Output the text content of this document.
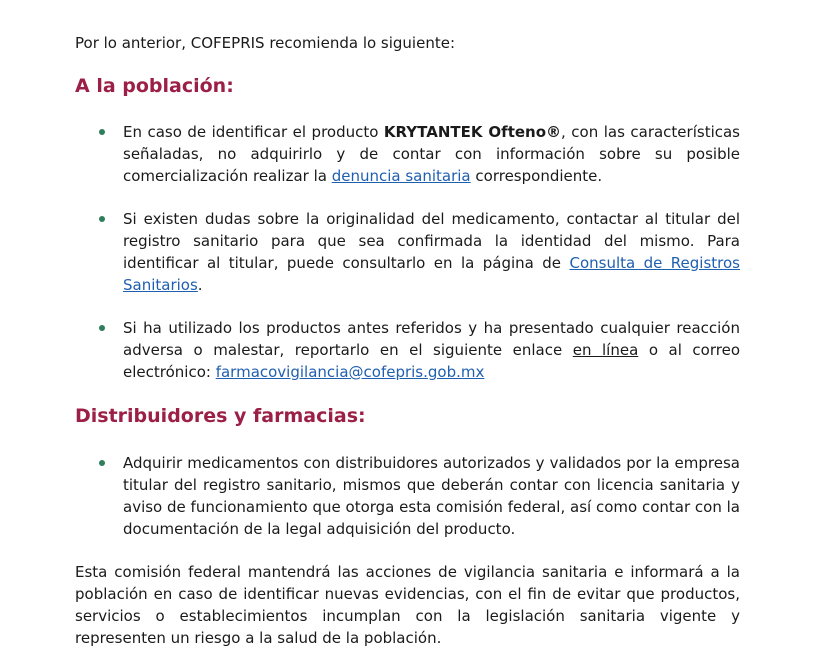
Por lo anterior, COFEPRIS recomienda lo siguiente:

A la población:
En caso de identificar el producto KRYTANTEK Ofteno®, con las características señaladas, no adquirirlo y de contar con información sobre su posible comercialización realizar la denuncia sanitaria correspondiente.
Si existen dudas sobre la originalidad del medicamento, contactar al titular del registro sanitario para que sea confirmada la identidad del mismo. Para identificar al titular, puede consultarlo en la página de Consulta de Registros Sanitarios.
Si ha utilizado los productos antes referidos y ha presentado cualquier reacción adversa o malestar, reportarlo en el siguiente enlace en línea o al correo electrónico: farmacovigilancia@cofepris.gob.mx
Distribuidores y farmacias:
Adquirir medicamentos con distribuidores autorizados y validados por la empresa titular del registro sanitario, mismos que deberán contar con licencia sanitaria y aviso de funcionamiento que otorga esta comisión federal, así como contar con la documentación de la legal adquisición del producto.

Esta comisión federal mantendrá las acciones de vigilancia sanitaria e informará a la población en caso de identificar nuevas evidencias, con el fin de evitar que productos, servicios o establecimientos incumplan con la legislación sanitaria vigente y representen un riesgo a la salud de la población.
